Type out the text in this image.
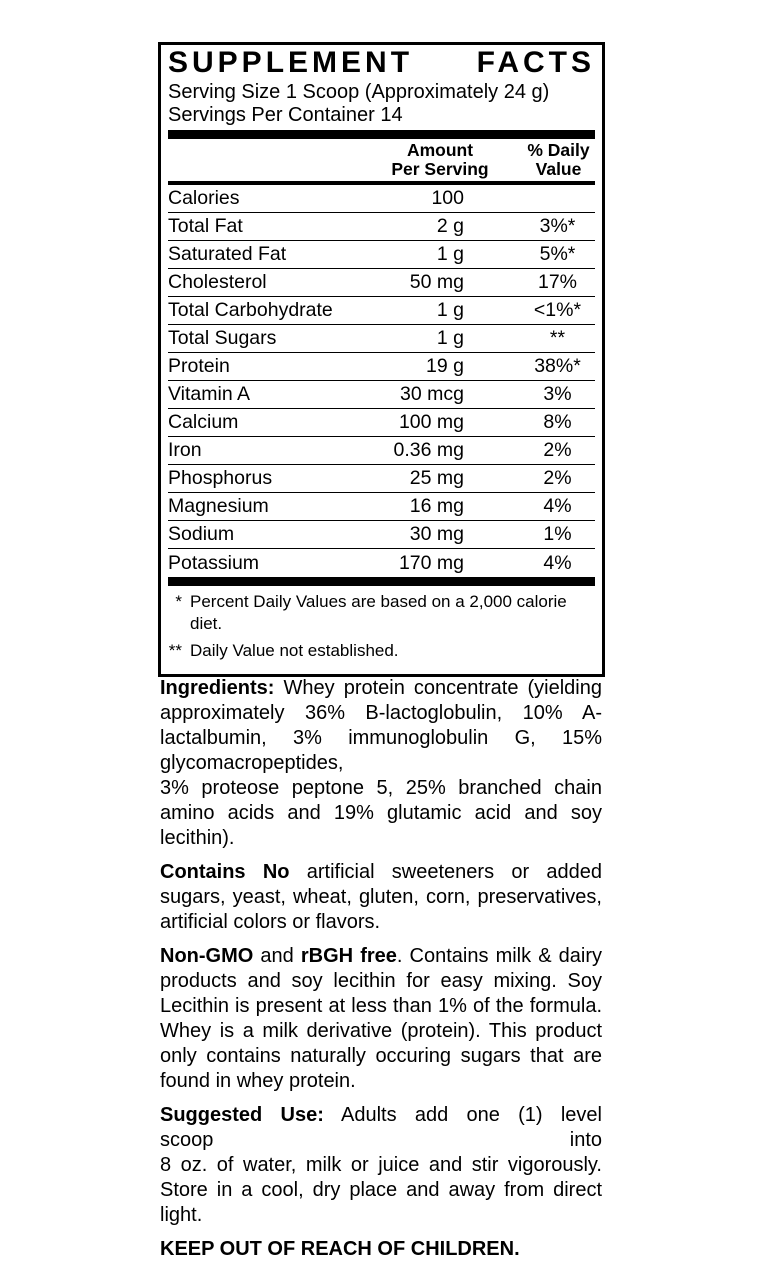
SUPPLEMENT FACTS
Serving Size 1 Scoop (Approximately 24 g)
Servings Per Container 14
Amount
Per Serving
% Daily
Value
Calories	100
Total Fat	2 g	3%*
Saturated Fat	1 g	5%*
Cholesterol	50 mg	17%
Total Carbohydrate	1 g	<1%*
Total Sugars	1 g	**
Protein	19 g	38%*
Vitamin A	30 mcg	3%
Calcium	100 mg	8%
Iron	0.36 mg	2%
Phosphorus	25 mg	2%
Magnesium	16 mg	4%
Sodium	30 mg	1%
Potassium	170 mg	4%
* Percent Daily Values are based on a 2,000 calorie diet.
** Daily Value not established.

Ingredients: Whey protein concentrate (yielding approximately 36% B-lactoglobulin, 10% A-lactalbumin, 3% immunoglobulin G, 15% glycomacropeptides,
3% proteose peptone 5, 25% branched chain amino acids and 19% glutamic acid and soy lecithin).

Contains No artificial sweeteners or added sugars, yeast, wheat, gluten, corn, preservatives, artificial colors or flavors.

Non-GMO and rBGH free. Contains milk & dairy products and soy lecithin for easy mixing. Soy Lecithin is present at less than 1% of the formula. Whey is a milk derivative (protein). This product only contains naturally occuring sugars that are found in whey protein.

Suggested Use: Adults add one (1) level
scoop	into
8 oz. of water, milk or juice and stir vigorously. Store in a cool, dry place and away from direct light.

KEEP OUT OF REACH OF CHILDREN.
